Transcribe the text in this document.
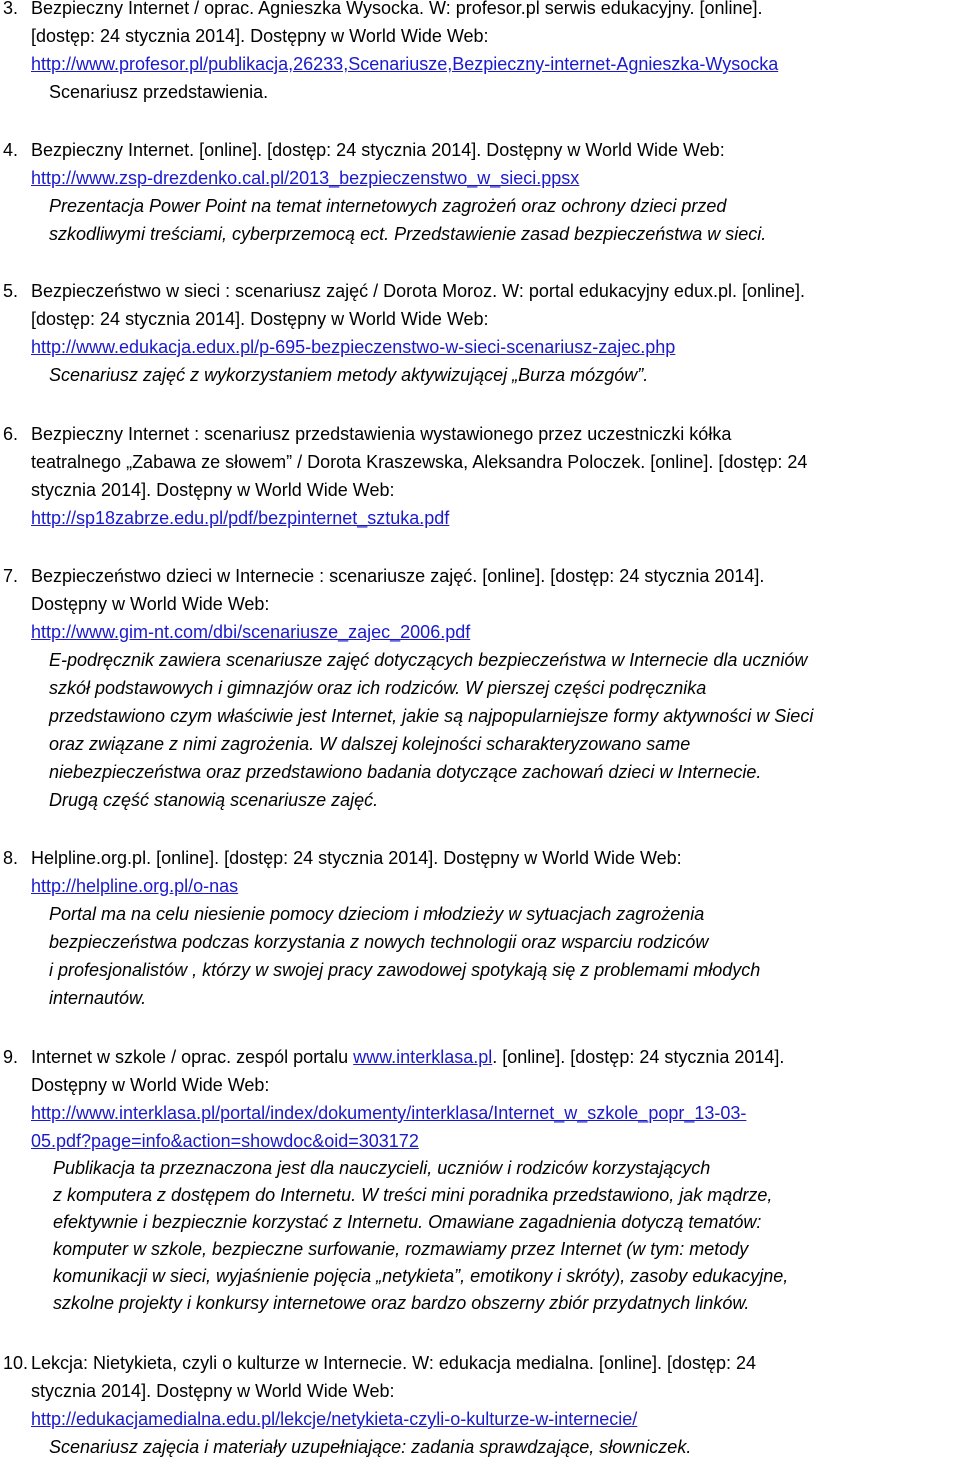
3. Bezpieczny Internet / oprac. Agnieszka Wysocka. W: profesor.pl serwis edukacyjny. [online].
[dostęp: 24 stycznia 2014]. Dostępny w World Wide Web:
http://www.profesor.pl/publikacja,26233,Scenariusze,Bezpieczny-internet-Agnieszka-Wysocka
Scenariusz przedstawienia.
4. Bezpieczny Internet. [online]. [dostęp: 24 stycznia 2014]. Dostępny w World Wide Web:
http://www.zsp-drezdenko.cal.pl/2013_bezpieczenstwo_w_sieci.ppsx
Prezentacja Power Point na temat internetowych zagrożeń oraz ochrony dzieci przed
szkodliwymi treściami, cyberprzemocą ect. Przedstawienie zasad bezpieczeństwa w sieci.
5. Bezpieczeństwo w sieci : scenariusz zajęć / Dorota Moroz. W: portal edukacyjny edux.pl. [online].
[dostęp: 24 stycznia 2014]. Dostępny w World Wide Web:
http://www.edukacja.edux.pl/p-695-bezpieczenstwo-w-sieci-scenariusz-zajec.php
Scenariusz zajęć z wykorzystaniem metody aktywizującej „Burza mózgów”.
6. Bezpieczny Internet : scenariusz przedstawienia wystawionego przez uczestniczki kółka
teatralnego „Zabawa ze słowem” / Dorota Kraszewska, Aleksandra Poloczek. [online]. [dostęp: 24
stycznia 2014]. Dostępny w World Wide Web:
http://sp18zabrze.edu.pl/pdf/bezpinternet_sztuka.pdf
7. Bezpieczeństwo dzieci w Internecie : scenariusze zajęć. [online]. [dostęp: 24 stycznia 2014].
Dostępny w World Wide Web:
http://www.gim-nt.com/dbi/scenariusze_zajec_2006.pdf
E-podręcznik zawiera scenariusze zajęć dotyczących bezpieczeństwa w Internecie dla uczniów
szkół podstawowych i gimnazjów oraz ich rodziców. W pierszej części podręcznika
przedstawiono czym właściwie jest Internet, jakie są najpopularniejsze formy aktywności w Sieci
oraz związane z nimi zagrożenia. W dalszej kolejności scharakteryzowano same
niebezpieczeństwa oraz przedstawiono badania dotyczące zachowań dzieci w Internecie.
Drugą część stanowią scenariusze zajęć.
8. Helpline.org.pl. [online]. [dostęp: 24 stycznia 2014]. Dostępny w World Wide Web:
http://helpline.org.pl/o-nas
Portal ma na celu niesienie pomocy dzieciom i młodzieży w sytuacjach zagrożenia
bezpieczeństwa podczas korzystania z nowych technologii oraz wsparciu rodziców
i profesjonalistów , którzy w swojej pracy zawodowej spotykają się z problemami młodych
internautów.
9. Internet w szkole / oprac. zespól portalu www.interklasa.pl. [online]. [dostęp: 24 stycznia 2014].
Dostępny w World Wide Web:
http://www.interklasa.pl/portal/index/dokumenty/interklasa/Internet_w_szkole_popr_13-03-
05.pdf?page=info&action=showdoc&oid=303172
Publikacja ta przeznaczona jest dla nauczycieli, uczniów i rodziców korzystających
z komputera z dostępem do Internetu. W treści mini poradnika przedstawiono, jak mądrze,
efektywnie i bezpiecznie korzystać z Internetu. Omawiane zagadnienia dotyczą tematów:
komputer w szkole, bezpieczne surfowanie, rozmawiamy przez Internet (w tym: metody
komunikacji w sieci, wyjaśnienie pojęcia „netykieta”, emotikony i skróty), zasoby edukacyjne,
szkolne projekty i konkursy internetowe oraz bardzo obszerny zbiór przydatnych linków.
10. Lekcja: Nietykieta, czyli o kulturze w Internecie. W: edukacja medialna. [online]. [dostęp: 24
stycznia 2014]. Dostępny w World Wide Web:
http://edukacjamedialna.edu.pl/lekcje/netykieta-czyli-o-kulturze-w-internecie/
Scenariusz zajęcia i materiały uzupełniające: zadania sprawdzające, słowniczek.
